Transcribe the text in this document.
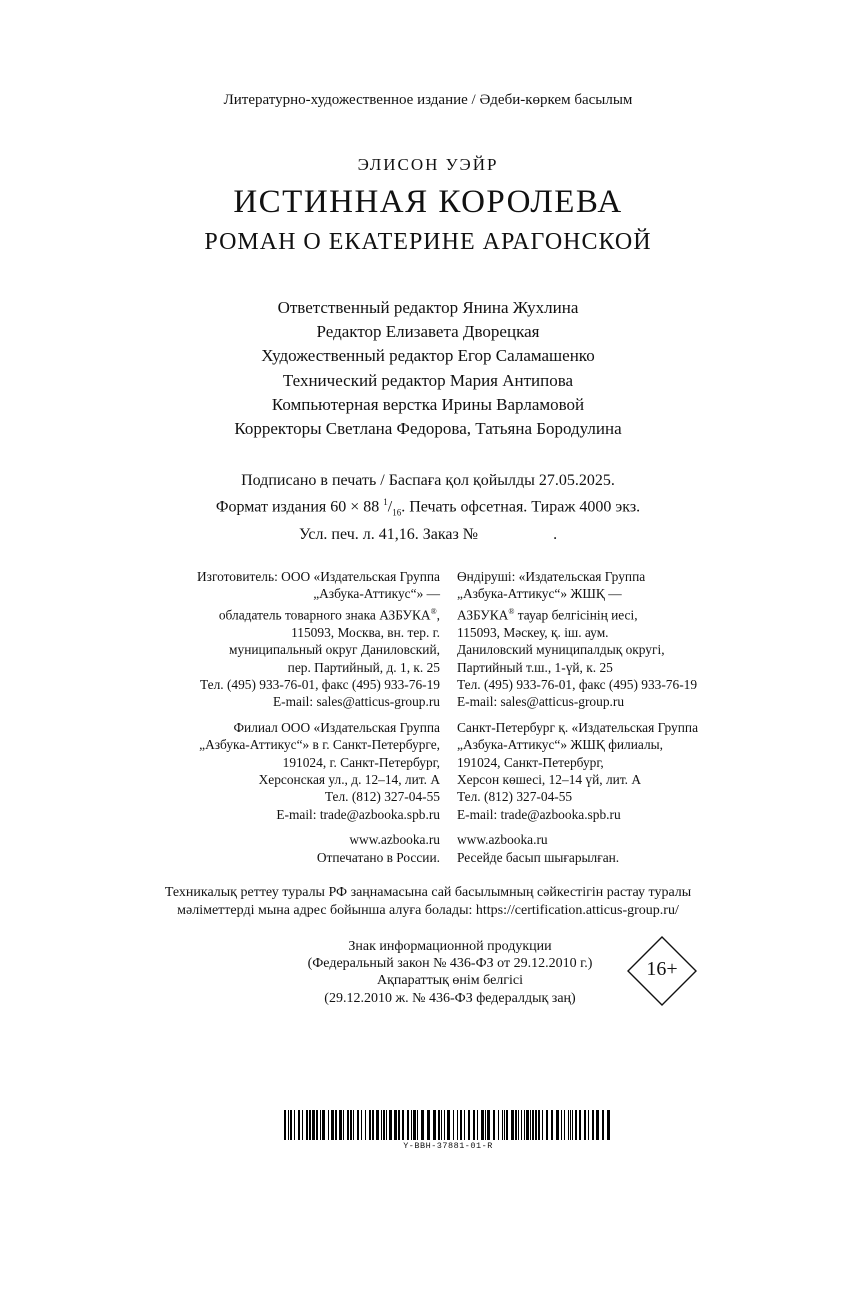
Литературно-художественное издание / Әдеби-көркем басылым
ЭЛИСОН УЭЙР
ИСТИННАЯ КОРОЛЕВА
РОМАН О ЕКАТЕРИНЕ АРАГОНСКОЙ
Ответственный редактор Янина Жухлина
Редактор Елизавета Дворецкая
Художественный редактор Егор Саламашенко
Технический редактор Мария Антипова
Компьютерная верстка Ирины Варламовой
Корректоры Светлана Федорова, Татьяна Бородулина
Подписано в печать / Баспаға қол қойылды 27.05.2025.
Формат издания 60 × 88 $^1/_{16}$. Печать офсетная. Тираж 4000 экз.
Усл. печ. л. 41,16. Заказ №	.
Изготовитель: ООО «Издательская Группа
„Азбука-Аттикус“» —
обладатель товарного знака АЗБУКА®,
115093, Москва, вн. тер. г.
муниципальный округ Даниловский,
пер. Партийный, д. 1, к. 25
Тел. (495) 933-76-01, факс (495) 933-76-19
E-mail: sales@atticus-group.ru
Филиал ООО «Издательская Группа
„Азбука-Аттикус“» в г. Санкт-Петербурге,
191024, г. Санкт-Петербург,
Херсонская ул., д. 12–14, лит. А
Тел. (812) 327-04-55
E-mail: trade@azbooka.spb.ru
www.azbooka.ru
Отпечатано в России.
Өндіруші: «Издательская Группа
„Азбука-Аттикус“» ЖШҚ —
АЗБУКА® тауар белгісінің иесі,
115093, Мәскеу, қ. іш. аум.
Даниловский муниципалдық округі,
Партийный т.ш., 1-үй, к. 25
Тел. (495) 933-76-01, факс (495) 933-76-19
E-mail: sales@atticus-group.ru
Санкт-Петербург қ. «Издательская Группа
„Азбука-Аттикус“» ЖШҚ филиалы,
191024, Санкт-Петербург,
Херсон көшесі, 12–14 үй, лит. А
Тел. (812) 327-04-55
E-mail: trade@azbooka.spb.ru
www.azbooka.ru
Ресейде басып шығарылған.
Техникалық реттеу туралы РФ заңнамасына сай басылымның сәйкестігін растау туралы
мәліметтерді мына адрес бойынша алуға болады: https://certification.atticus-group.ru/
Знак информационной продукции
(Федеральный закон № 436-ФЗ от 29.12.2010 г.)
Ақпараттық өнім белгісі
(29.12.2010 ж. № 436-ФЗ федералдық заң)
16+
Y-BBH-37881-01-R
